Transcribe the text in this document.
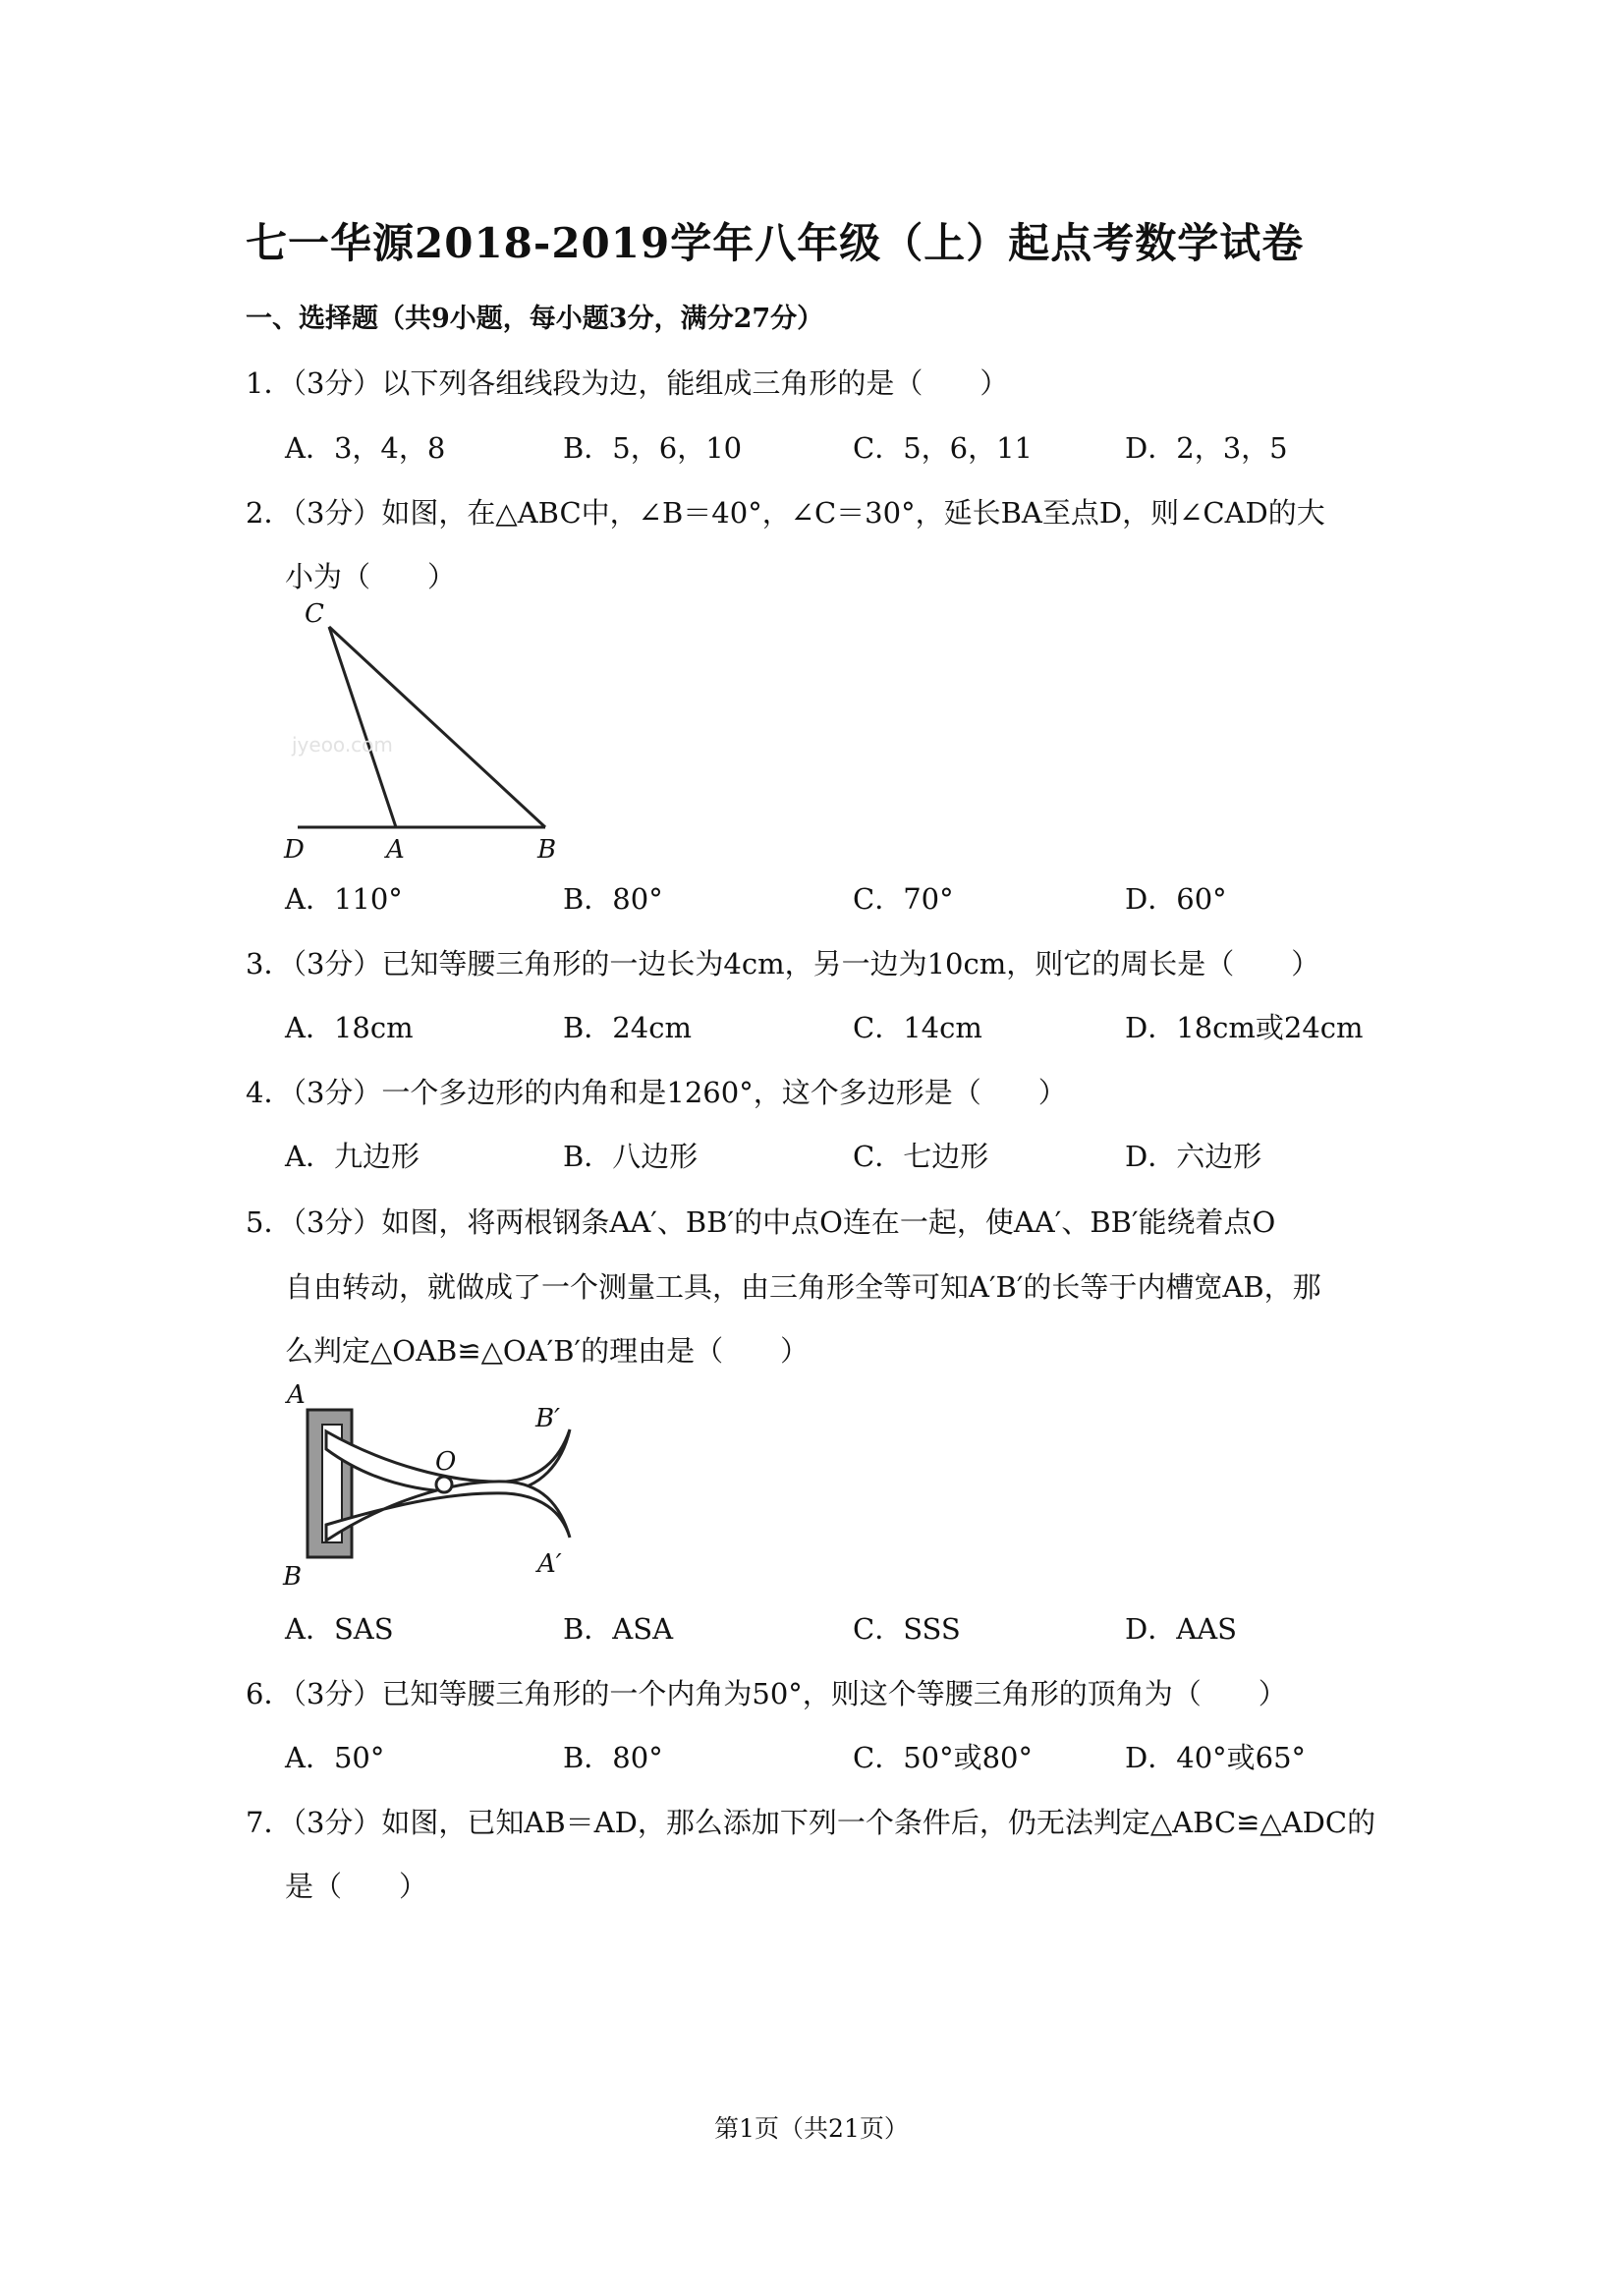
七一华源2018-2019学年八年级（上）起点考数学试卷
一、选择题（共9小题，每小题3分，满分27分）
1．（3分）以下列各组线段为边，能组成三角形的是（　　）
A．3，4，8	B．5，6，10	C．5，6，11	D．2，3，5
2．（3分）如图，在△ABC中，∠B＝40°，∠C＝30°，延长BA至点D，则∠CAD的大
小为（　　）
C
D	A	B
jyeoo.com
A．110°	B．80°	C．70°	D．60°
3．（3分）已知等腰三角形的一边长为4cm，另一边为10cm，则它的周长是（　　）
A．18cm	B．24cm	C．14cm	D．18cm或24cm
4．（3分）一个多边形的内角和是1260°，这个多边形是（　　）
A．九边形	B．八边形	C．七边形	D．六边形
5．（3分）如图，将两根钢条AA′、BB′的中点O连在一起，使AA′、BB′能绕着点O
自由转动，就做成了一个测量工具，由三角形全等可知A′B′的长等于内槽宽AB，那
么判定△OAB≌△OA′B′的理由是（　　）
A
B
O
B′
A′
A．SAS	B．ASA	C．SSS	D．AAS
6．（3分）已知等腰三角形的一个内角为50°，则这个等腰三角形的顶角为（　　）
A．50°	B．80°	C．50°或80°	D．40°或65°
7．（3分）如图，已知AB＝AD，那么添加下列一个条件后，仍无法判定△ABC≌△ADC的
是（　　）
第1页（共21页）
